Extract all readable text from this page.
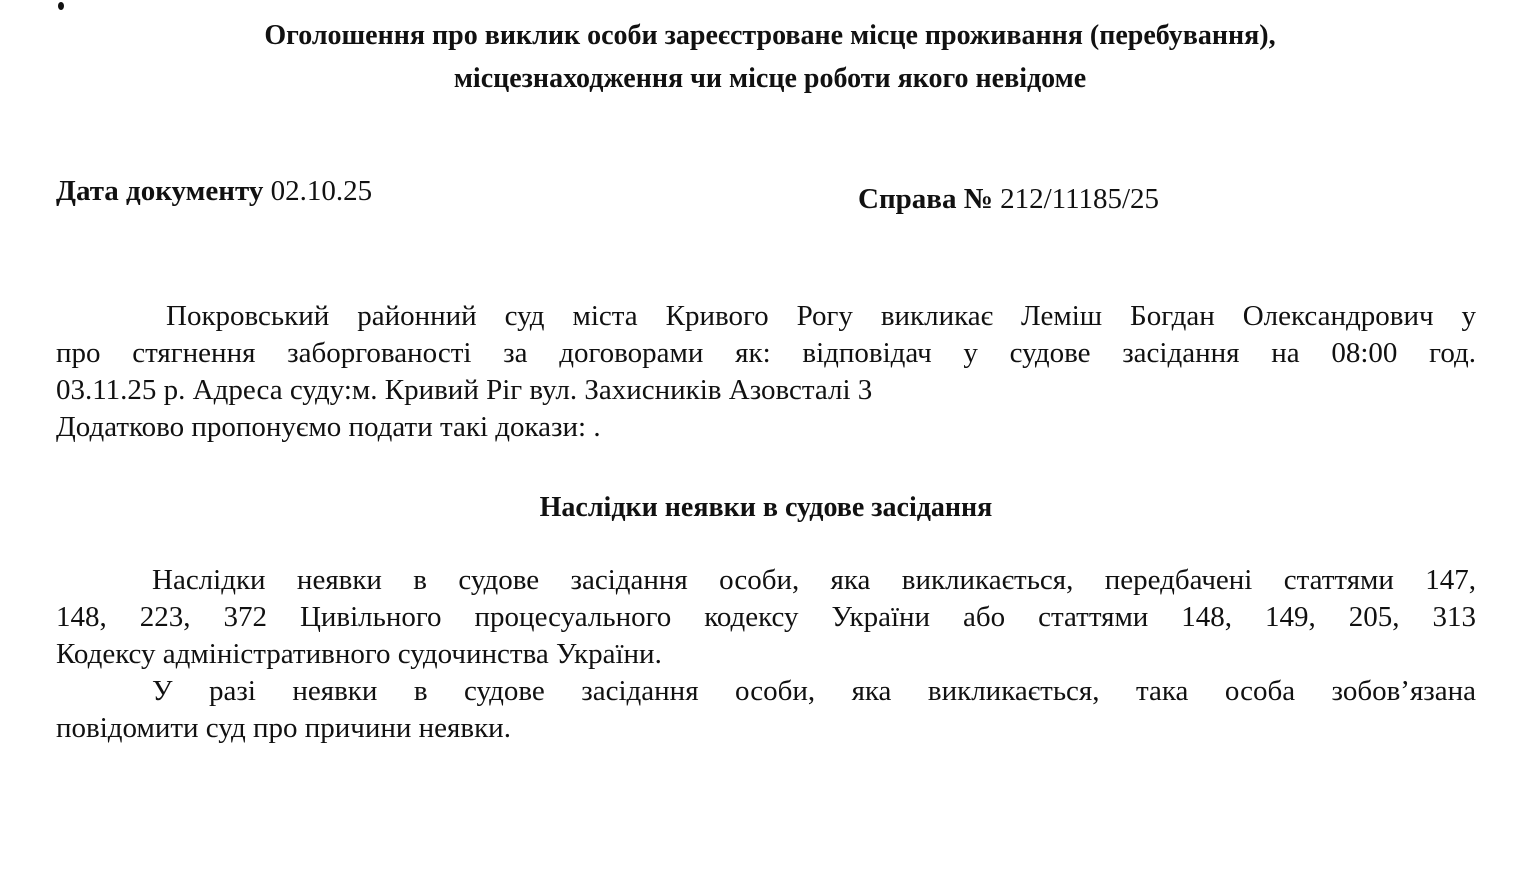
Оголошення про виклик особи зареєстроване місце проживання (перебування),
місцезнаходження чи місце роботи якого невідоме
Дата документу 02.10.25	Справа № 212/11185/25
Покровський районний суд міста Кривого Рогу викликає Леміш Богдан Олександрович у
про стягнення заборгованості за договорами як: відповідач у судове засідання на 08:00 год.
03.11.25 р. Адреса суду:м. Кривий Ріг вул. Захисників Азовсталі 3
Додатково пропонуємо подати такі докази: .
Наслідки неявки в судове засідання
Наслідки неявки в судове засідання особи, яка викликається, передбачені статтями 147,
148, 223, 372 Цивільного процесуального кодексу України або статтями 148, 149, 205, 313
Кодексу адміністративного судочинства України.
У разі неявки в судове засідання особи, яка викликається, така особа зобов’язана
повідомити суд про причини неявки.
